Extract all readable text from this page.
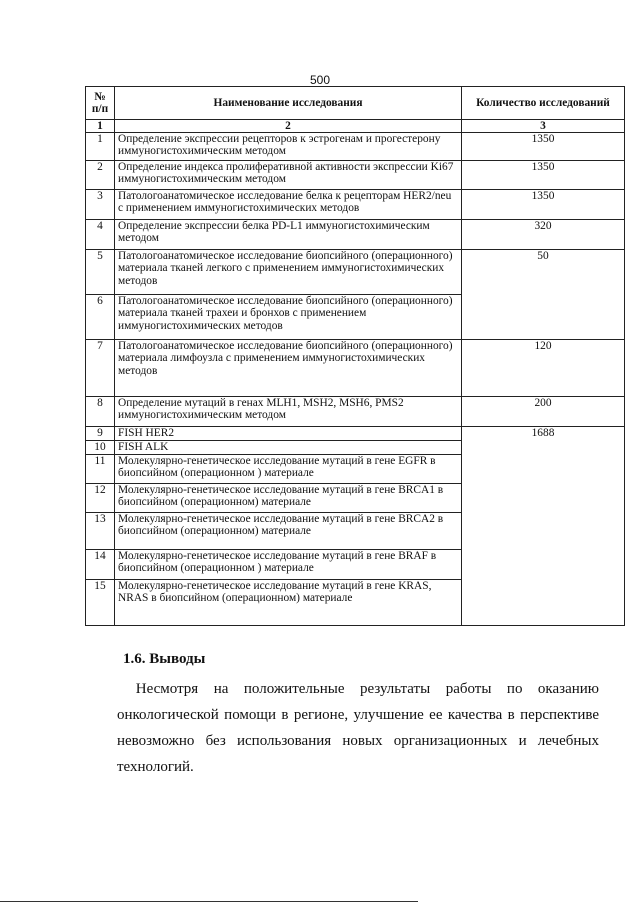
500
№ п/п	Наименование исследования	Количество исследований
1	2	3
1	Определение экспрессии рецепторов к эстрогенам и прогестерону иммуногистохимическим методом	1350
2	Определение индекса пролиферативной активности экспрессии Ki67 иммуногистохимическим методом	1350
3	Патологоанатомическое исследование белка к рецепторам HER2/neu с применением иммуногистохимических методов	1350
4	Определение экспрессии белка PD-L1 иммуногистохимическим методом	320
5	Патологоанатомическое исследование биопсийного (операционного) материала тканей легкого с применением иммуногистохимических методов	50
6	Патологоанатомическое исследование биопсийного (операционного) материала тканей трахеи и бронхов с применением иммуногистохимических методов	
7	Патологоанатомическое исследование биопсийного (операционного) материала лимфоузла с применением иммуногистохимических методов	120
8	Определение мутаций в генах MLH1, MSH2, MSH6, PMS2 иммуногистохимическим методом	200
9	FISH HER2	1688
10	FISH ALK	
11	Молекулярно-генетическое исследование мутаций в гене EGFR в биопсийном (операционном ) материале	
12	Молекулярно-генетическое исследование мутаций в гене BRCA1 в биопсийном (операционном) материале	
13	Молекулярно-генетическое исследование мутаций в гене BRCA2 в биопсийном (операционном) материале	
14	Молекулярно-генетическое исследование мутаций в гене BRAF в биопсийном (операционном ) материале	
15	Молекулярно-генетическое исследование мутаций в гене KRAS, NRAS в биопсийном (операционном) материале	
1.6. Выводы
Несмотря на положительные результаты работы по оказанию онкологической помощи в регионе, улучшение ее качества в перспективе невозможно без использования новых организационных и лечебных технологий.
